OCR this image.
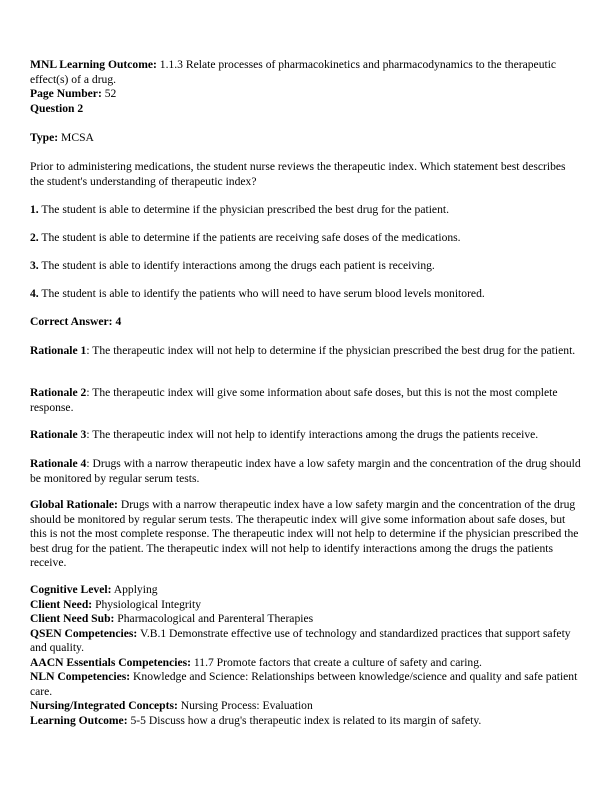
MNL Learning Outcome: 1.1.3 Relate processes of pharmacokinetics and pharmacodynamics to the therapeutic effect(s) of a drug.
Page Number: 52
Question 2
Type: MCSA
Prior to administering medications, the student nurse reviews the therapeutic index. Which statement best describes the student's understanding of therapeutic index?
1. The student is able to determine if the physician prescribed the best drug for the patient.
2. The student is able to determine if the patients are receiving safe doses of the medications.
3. The student is able to identify interactions among the drugs each patient is receiving.
4. The student is able to identify the patients who will need to have serum blood levels monitored.
Correct Answer: 4
Rationale 1: The therapeutic index will not help to determine if the physician prescribed the best drug for the patient.
Rationale 2: The therapeutic index will give some information about safe doses, but this is not the most complete response.
Rationale 3: The therapeutic index will not help to identify interactions among the drugs the patients receive.
Rationale 4: Drugs with a narrow therapeutic index have a low safety margin and the concentration of the drug should be monitored by regular serum tests.
Global Rationale: Drugs with a narrow therapeutic index have a low safety margin and the concentration of the drug should be monitored by regular serum tests. The therapeutic index will give some information about safe doses, but this is not the most complete response. The therapeutic index will not help to determine if the physician prescribed the best drug for the patient. The therapeutic index will not help to identify interactions among the drugs the patients receive.
Cognitive Level: Applying
Client Need: Physiological Integrity
Client Need Sub: Pharmacological and Parenteral Therapies
QSEN Competencies: V.B.1 Demonstrate effective use of technology and standardized practices that support safety and quality.
AACN Essentials Competencies: 11.7 Promote factors that create a culture of safety and caring.
NLN Competencies: Knowledge and Science: Relationships between knowledge/science and quality and safe patient care.
Nursing/Integrated Concepts: Nursing Process: Evaluation
Learning Outcome: 5-5 Discuss how a drug's therapeutic index is related to its margin of safety.
